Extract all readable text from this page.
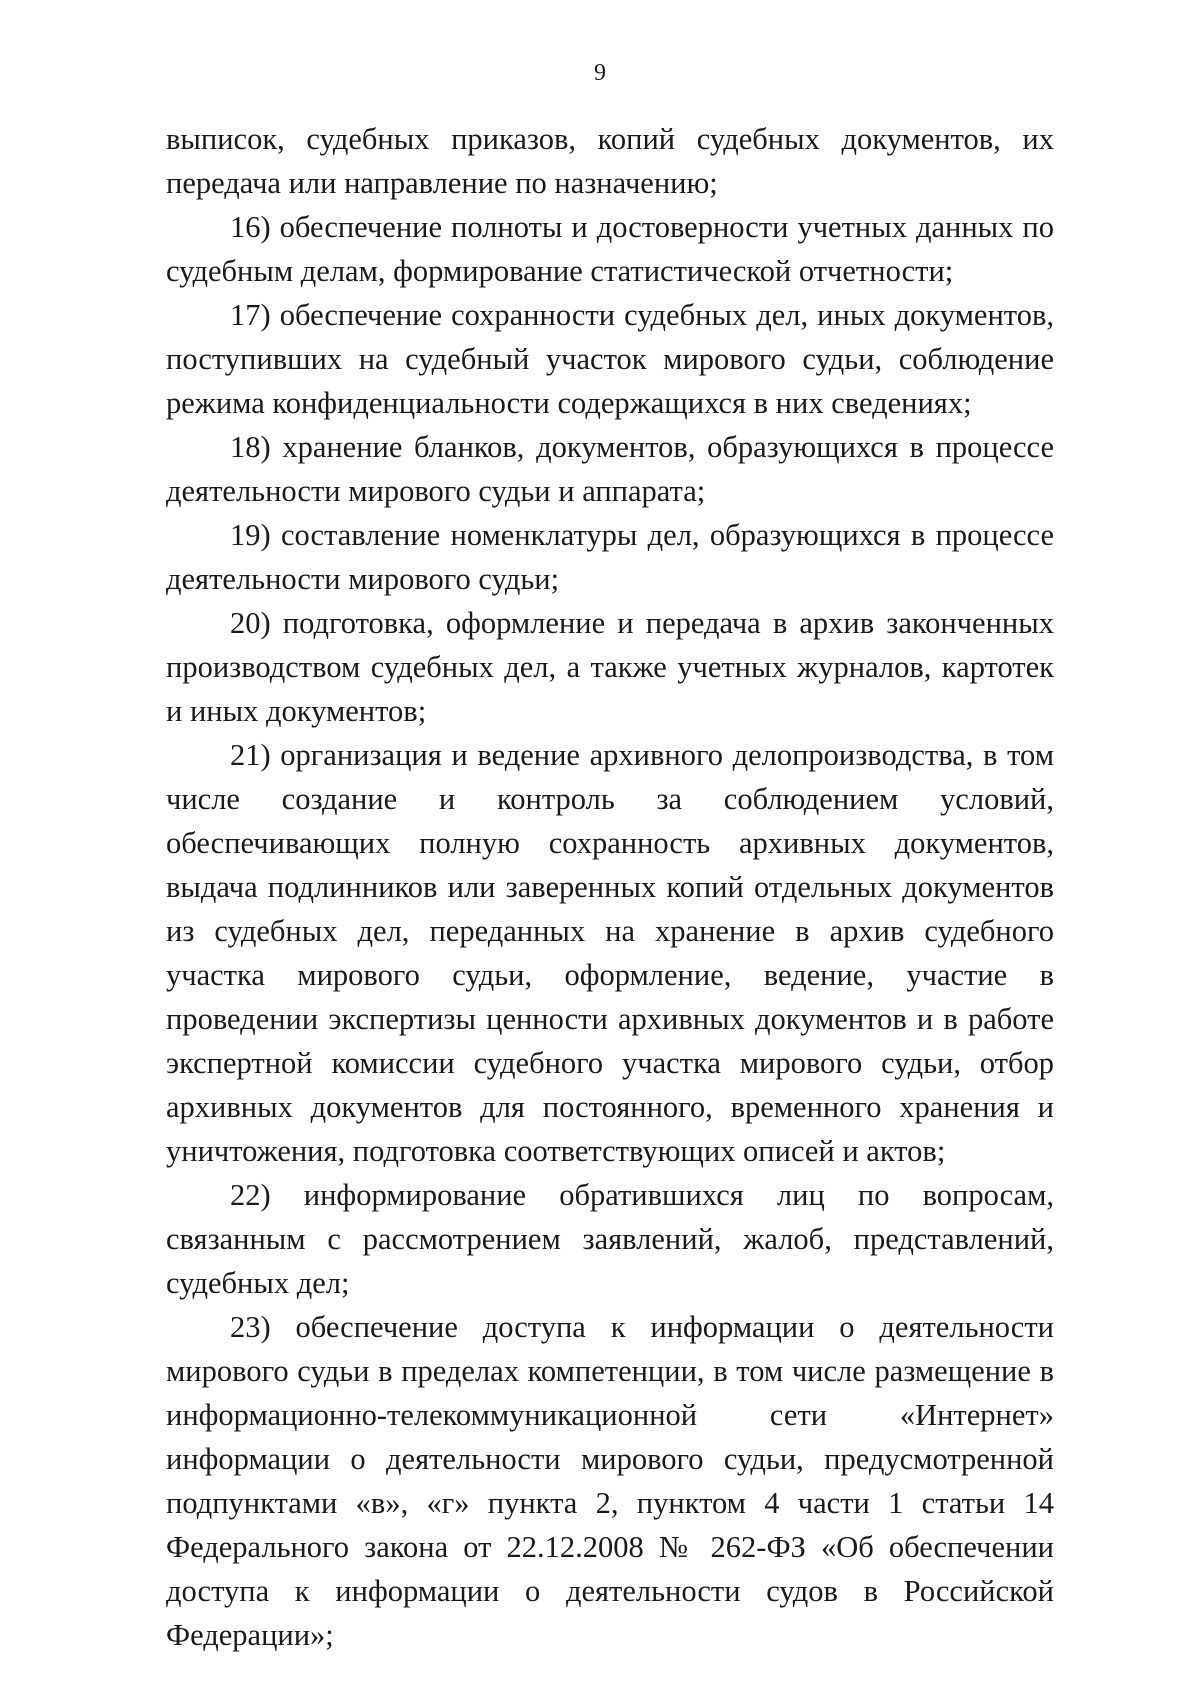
9

выписок, судебных приказов, копий судебных документов, их передача или направление по назначению;

16) обеспечение полноты и достоверности учетных данных по судебным делам, формирование статистической отчетности;

17) обеспечение сохранности судебных дел, иных документов, поступивших на судебный участок мирового судьи, соблюдение режима конфиденциальности содержащихся в них сведениях;

18) хранение бланков, документов, образующихся в процессе деятельности мирового судьи и аппарата;

19) составление номенклатуры дел, образующихся в процессе деятельности мирового судьи;

20) подготовка, оформление и передача в архив законченных производством судебных дел, а также учетных журналов, картотек и иных документов;

21) организация и ведение архивного делопроизводства, в том числе создание и контроль за соблюдением условий, обеспечивающих полную сохранность архивных документов, выдача подлинников или заверенных копий отдельных документов из судебных дел, переданных на хранение в архив судебного участка мирового судьи, оформление, ведение, участие в проведении экспертизы ценности архивных документов и в работе экспертной комиссии судебного участка мирового судьи, отбор архивных документов для постоянного, временного хранения и уничтожения, подготовка соответствующих описей и актов;

22) информирование обратившихся лиц по вопросам, связанным с рассмотрением заявлений, жалоб, представлений, судебных дел;

23) обеспечение доступа к информации о деятельности мирового судьи в пределах компетенции, в том числе размещение в информационно-телекоммуникационной сети «Интернет» информации о деятельности мирового судьи, предусмотренной подпунктами «в», «г» пункта 2, пунктом 4 части 1 статьи 14 Федерального закона от 22.12.2008 № 262-ФЗ «Об обеспечении доступа к информации о деятельности судов в Российской Федерации»;
